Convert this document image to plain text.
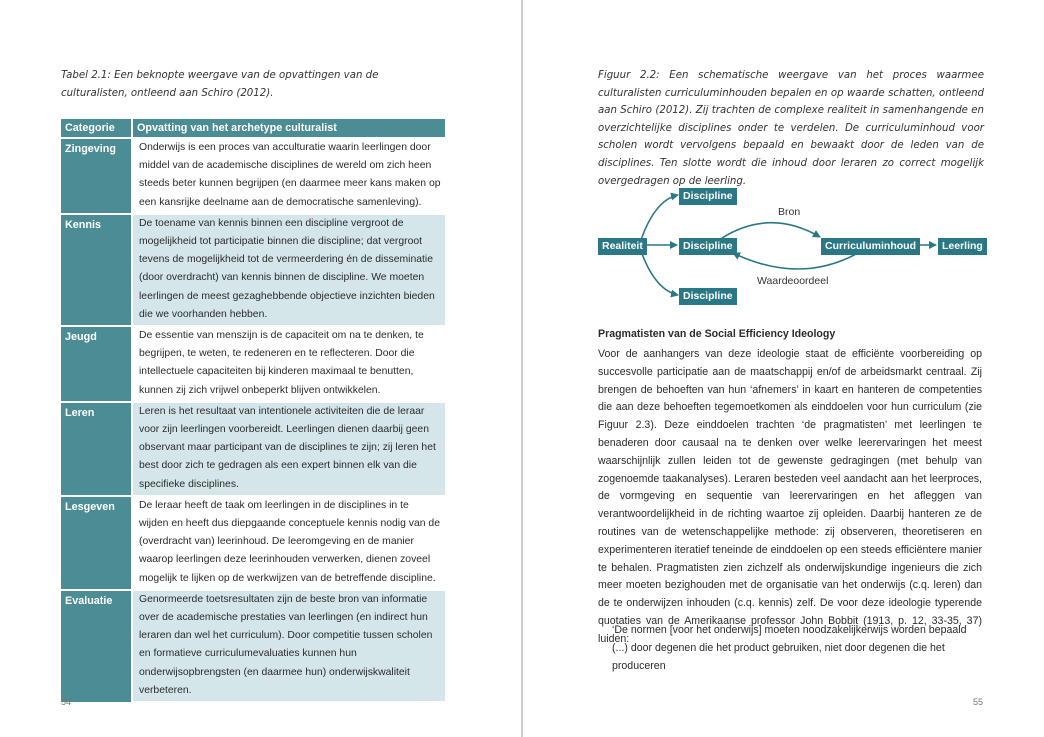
Tabel 2.1: Een beknopte weergave van de opvattingen van de culturalisten, ontleend aan Schiro (2012).
Categorie	Opvatting van het archetype culturalist
Zingeving	Onderwijs is een proces van acculturatie waarin leerlingen door middel van de academische disciplines de wereld om zich heen steeds beter kunnen begrijpen (en daarmee meer kans maken op een kansrijke deelname aan de democratische samenleving).
Kennis	De toename van kennis binnen een discipline vergroot de mogelijkheid tot participatie binnen die discipline; dat vergroot tevens de mogelijkheid tot de vermeerdering én de disseminatie (door overdracht) van kennis binnen de discipline. We moeten leerlingen de meest gezaghebbende objectieve inzichten bieden die we voorhanden hebben.
Jeugd	De essentie van menszijn is de capaciteit om na te denken, te begrijpen, te weten, te redeneren en te reflecteren. Door die intellectuele capaciteiten bij kinderen maximaal te benutten, kunnen zij zich vrijwel onbeperkt blijven ontwikkelen.
Leren	Leren is het resultaat van intentionele activiteiten die de leraar voor zijn leerlingen voorbereidt. Leerlingen dienen daarbij geen observant maar participant van de disciplines te zijn; zij leren het best door zich te gedragen als een expert binnen elk van die specifieke disciplines.
Lesgeven	De leraar heeft de taak om leerlingen in de disciplines in te wijden en heeft dus diepgaande conceptuele kennis nodig van de (overdracht van) leerinhoud. De leeromgeving en de manier waarop leerlingen deze leerinhouden verwerken, dienen zoveel mogelijk te lijken op de werkwijzen van de betreffende discipline.
Evaluatie	Genormeerde toetsresultaten zijn de beste bron van informatie over de academische prestaties van leerlingen (en indirect hun leraren dan wel het curriculum). Door competitie tussen scholen en formatieve curriculumevaluaties kunnen hun onderwijsopbrengsten (en daarmee hun) onderwijskwaliteit verbeteren.
54
Figuur 2.2: Een schematische weergave van het proces waarmee culturalisten curriculuminhouden bepalen en op waarde schatten, ontleend aan Schiro (2012). Zij trachten de complexe realiteit in samenhangende en overzichtelijke disciplines onder te verdelen. De curriculuminhoud voor scholen wordt vervolgens bepaald en bewaakt door de leden van de disciplines. Ten slotte wordt die inhoud door leraren zo correct mogelijk overgedragen op de leerling.
Realiteit
Discipline
Discipline
Discipline
Curriculuminhoud	Leerling
Bron
Waardeoordeel
Pragmatisten van de Social Efficiency Ideology

Voor de aanhangers van deze ideologie staat de efficiënte voorbereiding op succesvolle participatie aan de maatschappij en/of de arbeidsmarkt centraal. Zij brengen de behoeften van hun ‘afnemers’ in kaart en hanteren de competenties die aan deze behoeften tegemoetkomen als einddoelen voor hun curriculum (zie Figuur 2.3). Deze einddoelen trachten ‘de pragmatisten’ met leerlingen te benaderen door causaal na te denken over welke leerervaringen het meest waarschijnlijk zullen leiden tot de gewenste gedragingen (met behulp van zogenoemde taakanalyses). Leraren besteden veel aandacht aan het leerproces, de vormgeving en sequentie van leerervaringen en het afleggen van verantwoordelijkheid in de richting waartoe zij opleiden. Daarbij hanteren ze de routines van de wetenschappelijke methode: zij observeren, theoretiseren en experimenteren iteratief teneinde de einddoelen op een steeds efficiëntere manier te behalen. Pragmatisten zien zichzelf als onderwijskundige ingenieurs die zich meer moeten bezighouden met de organisatie van het onderwijs (c.q. leren) dan de te onderwijzen inhouden (c.q. kennis) zelf. De voor deze ideologie typerende quotaties van de Amerikaanse professor John Bobbit (1913, p. 12, 33-35, 37) luiden:

‘De normen [voor het onderwijs] moeten noodzakelijkerwijs worden bepaald (...) door degenen die het product gebruiken, niet door degenen die het produceren
55
